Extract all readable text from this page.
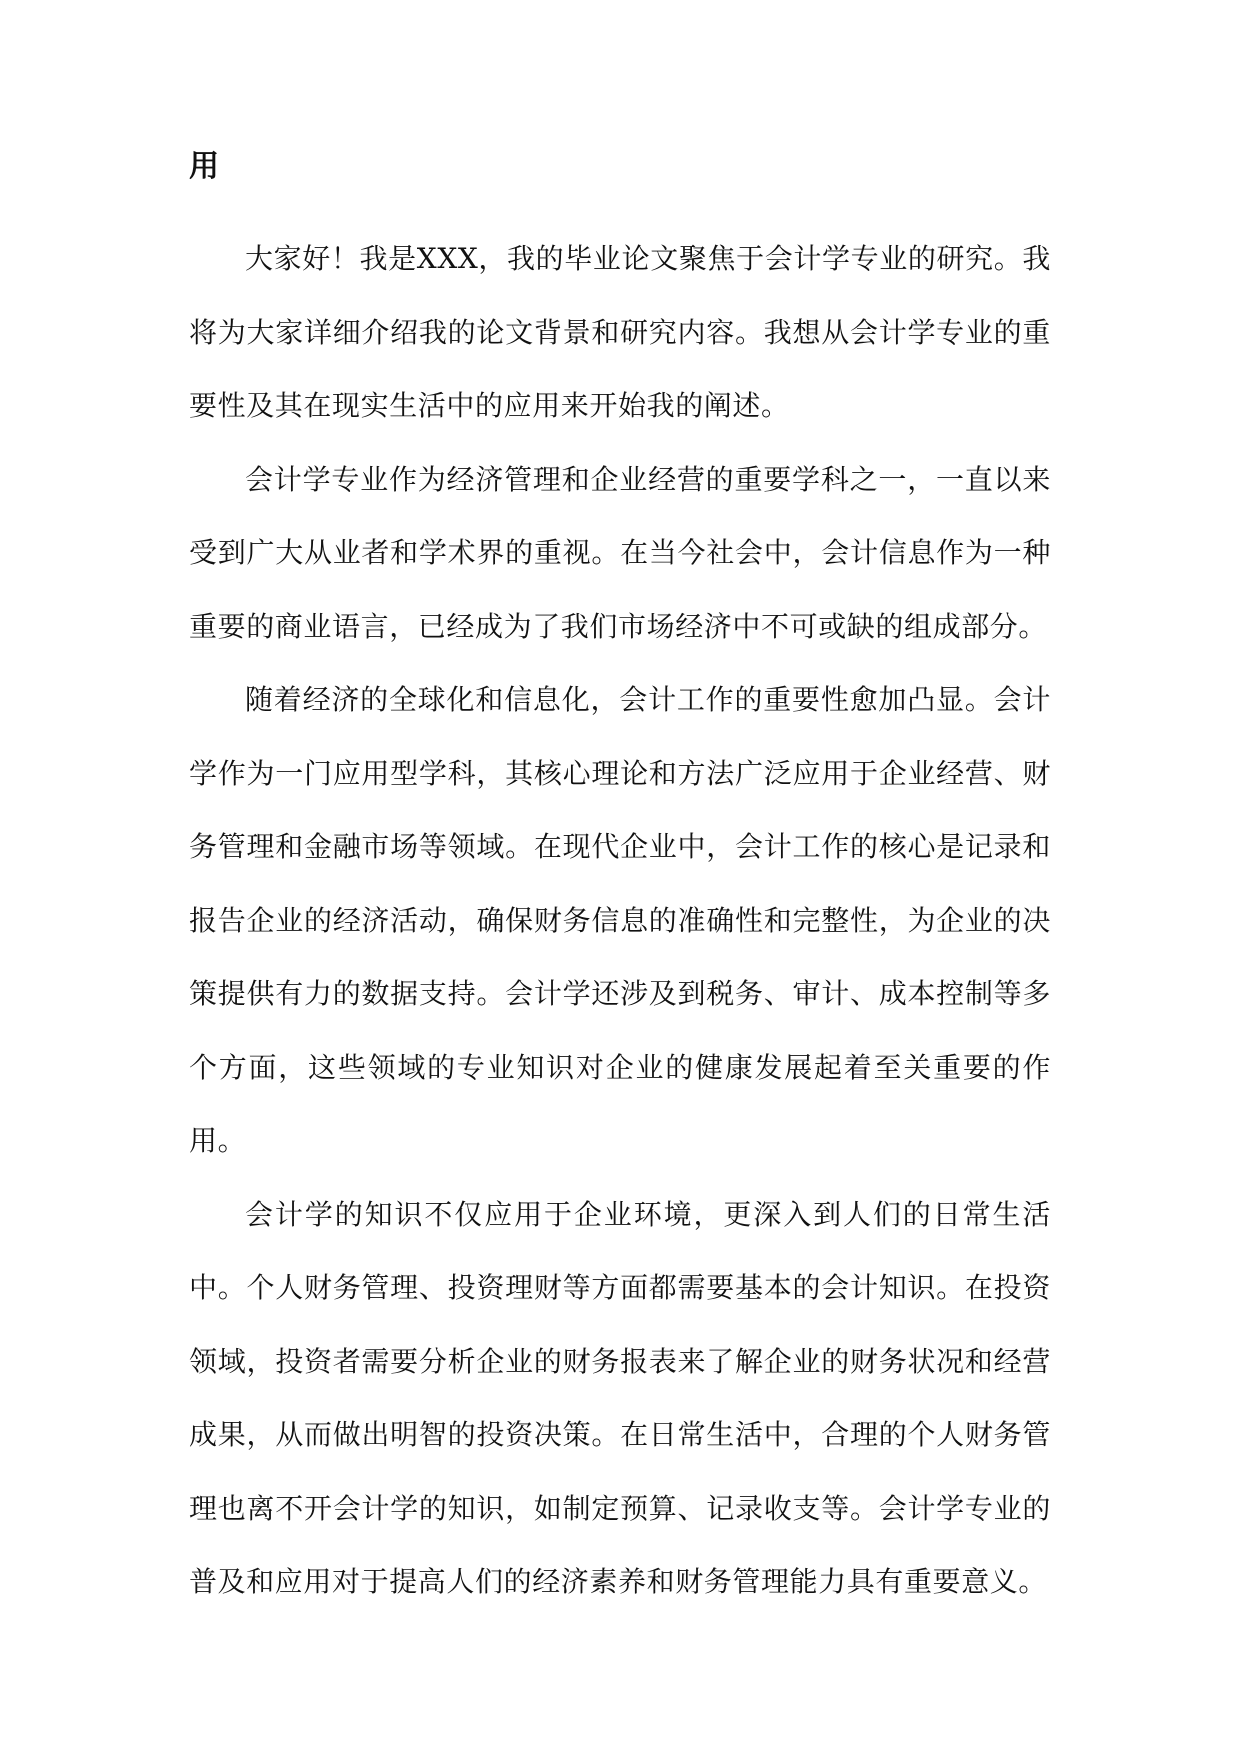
用

大家好！我是XXX，我的毕业论文聚焦于会计学专业的研究。我将为大家详细介绍我的论文背景和研究内容。我想从会计学专业的重要性及其在现实生活中的应用来开始我的阐述。

会计学专业作为经济管理和企业经营的重要学科之一，一直以来受到广大从业者和学术界的重视。在当今社会中，会计信息作为一种重要的商业语言，已经成为了我们市场经济中不可或缺的组成部分。

随着经济的全球化和信息化，会计工作的重要性愈加凸显。会计学作为一门应用型学科，其核心理论和方法广泛应用于企业经营、财务管理和金融市场等领域。在现代企业中，会计工作的核心是记录和报告企业的经济活动，确保财务信息的准确性和完整性，为企业的决策提供有力的数据支持。会计学还涉及到税务、审计、成本控制等多个方面，这些领域的专业知识对企业的健康发展起着至关重要的作用。

会计学的知识不仅应用于企业环境，更深入到人们的日常生活中。个人财务管理、投资理财等方面都需要基本的会计知识。在投资领域，投资者需要分析企业的财务报表来了解企业的财务状况和经营成果，从而做出明智的投资决策。在日常生活中，合理的个人财务管理也离不开会计学的知识，如制定预算、记录收支等。会计学专业的普及和应用对于提高人们的经济素养和财务管理能力具有重要意义。
